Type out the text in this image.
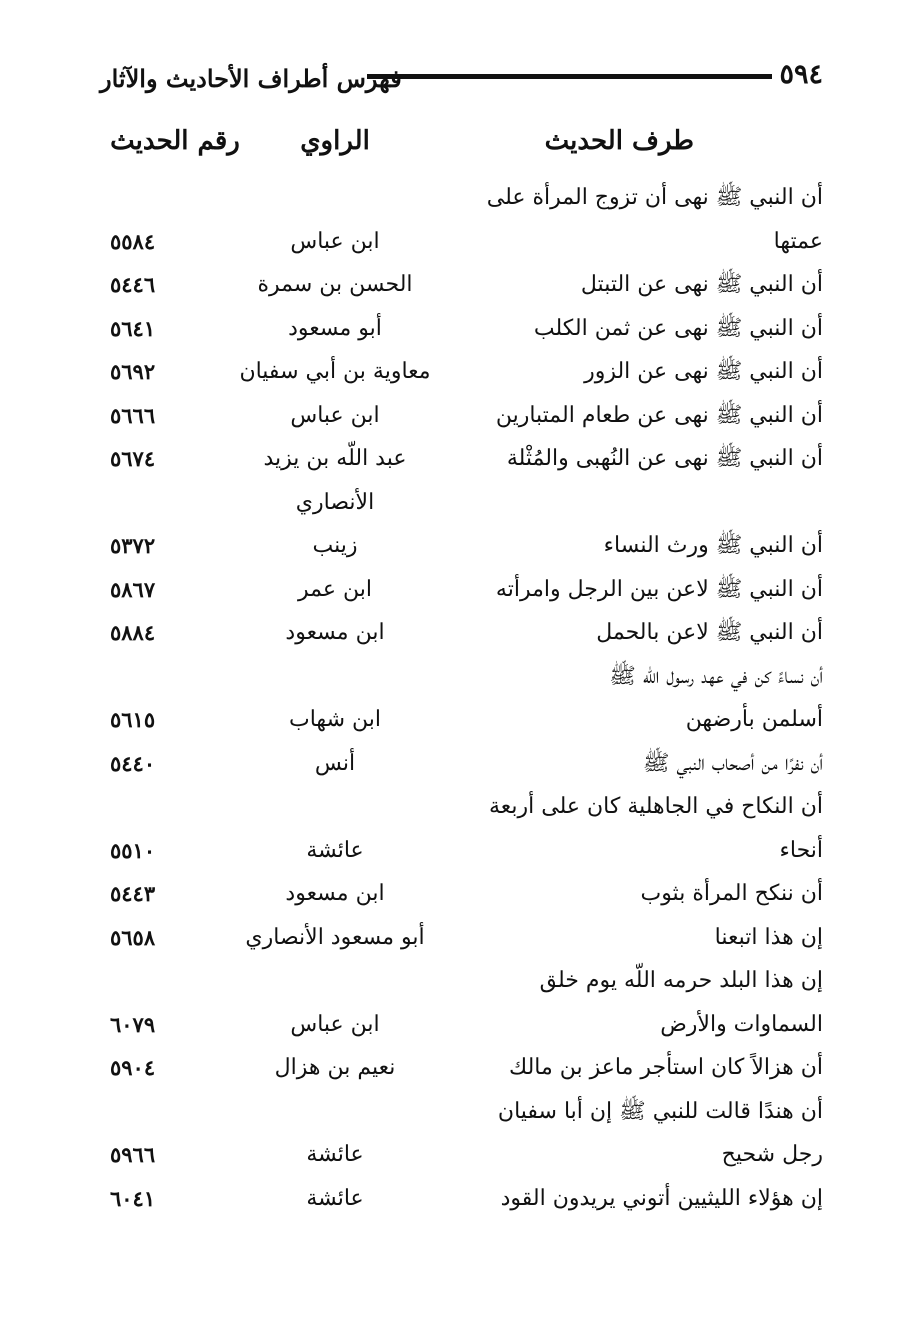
٥٩٤
فهرس أطراف الأحاديث والآثار
طرف الحديث
الراوي
رقم الحديث
أن النبي ﷺ نهى أن تزوج المرأة على
عمتها
ابن عباس
٥٥٨٤
أن النبي ﷺ نهى عن التبتل
الحسن بن سمرة
٥٤٤٦
أن النبي ﷺ نهى عن ثمن الكلب
أبو مسعود
٥٦٤١
أن النبي ﷺ نهى عن الزور
معاوية بن أبي سفيان
٥٦٩٢
أن النبي ﷺ نهى عن طعام المتبارين
ابن عباس
٥٦٦٦
أن النبي ﷺ نهى عن النُهبى والمُثْلة
عبد اللّه بن يزيد
٥٦٧٤
الأنصاري
أن النبي ﷺ ورث النساء
زينب
٥٣٧٢
أن النبي ﷺ لاعن بين الرجل وامرأته
ابن عمر
٥٨٦٧
أن النبي ﷺ لاعن بالحمل
ابن مسعود
٥٨٨٤
أن نساءً كن في عهد رسول اللّه ﷺ
أسلمن بأرضهن
ابن شهاب
٥٦١٥
أن نفرًا من أصحاب النبي ﷺ
أنس
٥٤٤٠
أن النكاح في الجاهلية كان على أربعة
أنحاء
عائشة
٥٥١٠
أن ننكح المرأة بثوب
ابن مسعود
٥٤٤٣
إن هذا اتبعنا
أبو مسعود الأنصاري
٥٦٥٨
إن هذا البلد حرمه اللّه يوم خلق
السماوات والأرض
ابن عباس
٦٠٧٩
أن هزالاً كان استأجر ماعز بن مالك
نعيم بن هزال
٥٩٠٤
أن هندًا قالت للنبي ﷺ إن أبا سفيان
رجل شحيح
عائشة
٥٩٦٦
إن هؤلاء الليثيين أتوني يريدون القود
عائشة
٦٠٤١
